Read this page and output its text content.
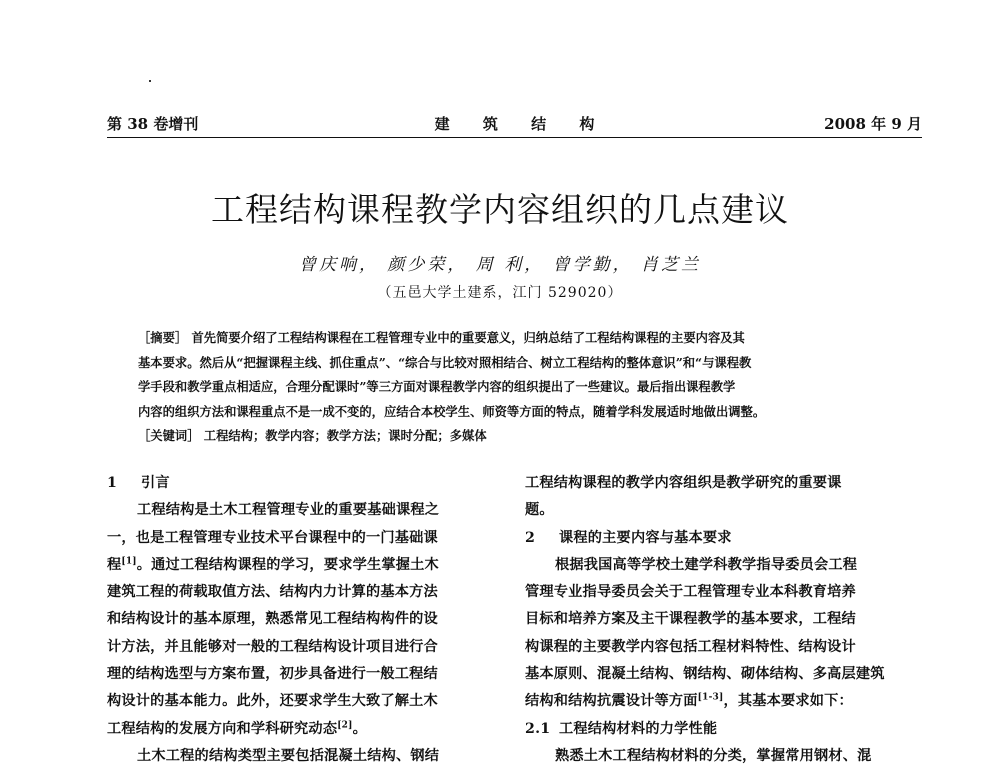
第 38 卷增刊	建 筑 结 构	2008 年 9 月
工程结构课程教学内容组织的几点建议
曾庆响， 颜少荣， 周 利， 曾学勤， 肖芝兰
（五邑大学土建系，江门 529020）
［摘要］ 首先简要介绍了工程结构课程在工程管理专业中的重要意义，归纳总结了工程结构课程的主要内容及其
基本要求。然后从“把握课程主线、抓住重点”、“综合与比较对照相结合、树立工程结构的整体意识”和“与课程教
学手段和教学重点相适应，合理分配课时”等三方面对课程教学内容的组织提出了一些建议。最后指出课程教学
内容的组织方法和课程重点不是一成不变的，应结合本校学生、师资等方面的特点，随着学科发展适时地做出调整。
［关键词］ 工程结构；教学内容；教学方法；课时分配；多媒体
1 引言
工程结构是土木工程管理专业的重要基础课程之
一，也是工程管理专业技术平台课程中的一门基础课
程[1]。通过工程结构课程的学习，要求学生掌握土木
建筑工程的荷载取值方法、结构内力计算的基本方法
和结构设计的基本原理，熟悉常见工程结构构件的设
计方法，并且能够对一般的工程结构设计项目进行合
理的结构选型与方案布置，初步具备进行一般工程结
构设计的基本能力。此外，还要求学生大致了解土木
工程结构的发展方向和学科研究动态[2]。
土木工程的结构类型主要包括混凝土结构、钢结
工程结构课程的教学内容组织是教学研究的重要课
题。
2 课程的主要内容与基本要求
根据我国高等学校土建学科教学指导委员会工程
管理专业指导委员会关于工程管理专业本科教育培养
目标和培养方案及主干课程教学的基本要求，工程结
构课程的主要教学内容包括工程材料特性、结构设计
基本原则、混凝土结构、钢结构、砌体结构、多高层建筑
结构和结构抗震设计等方面[1-3]，其基本要求如下：
2.1 工程结构材料的力学性能
熟悉土木工程结构材料的分类，掌握常用钢材、混
